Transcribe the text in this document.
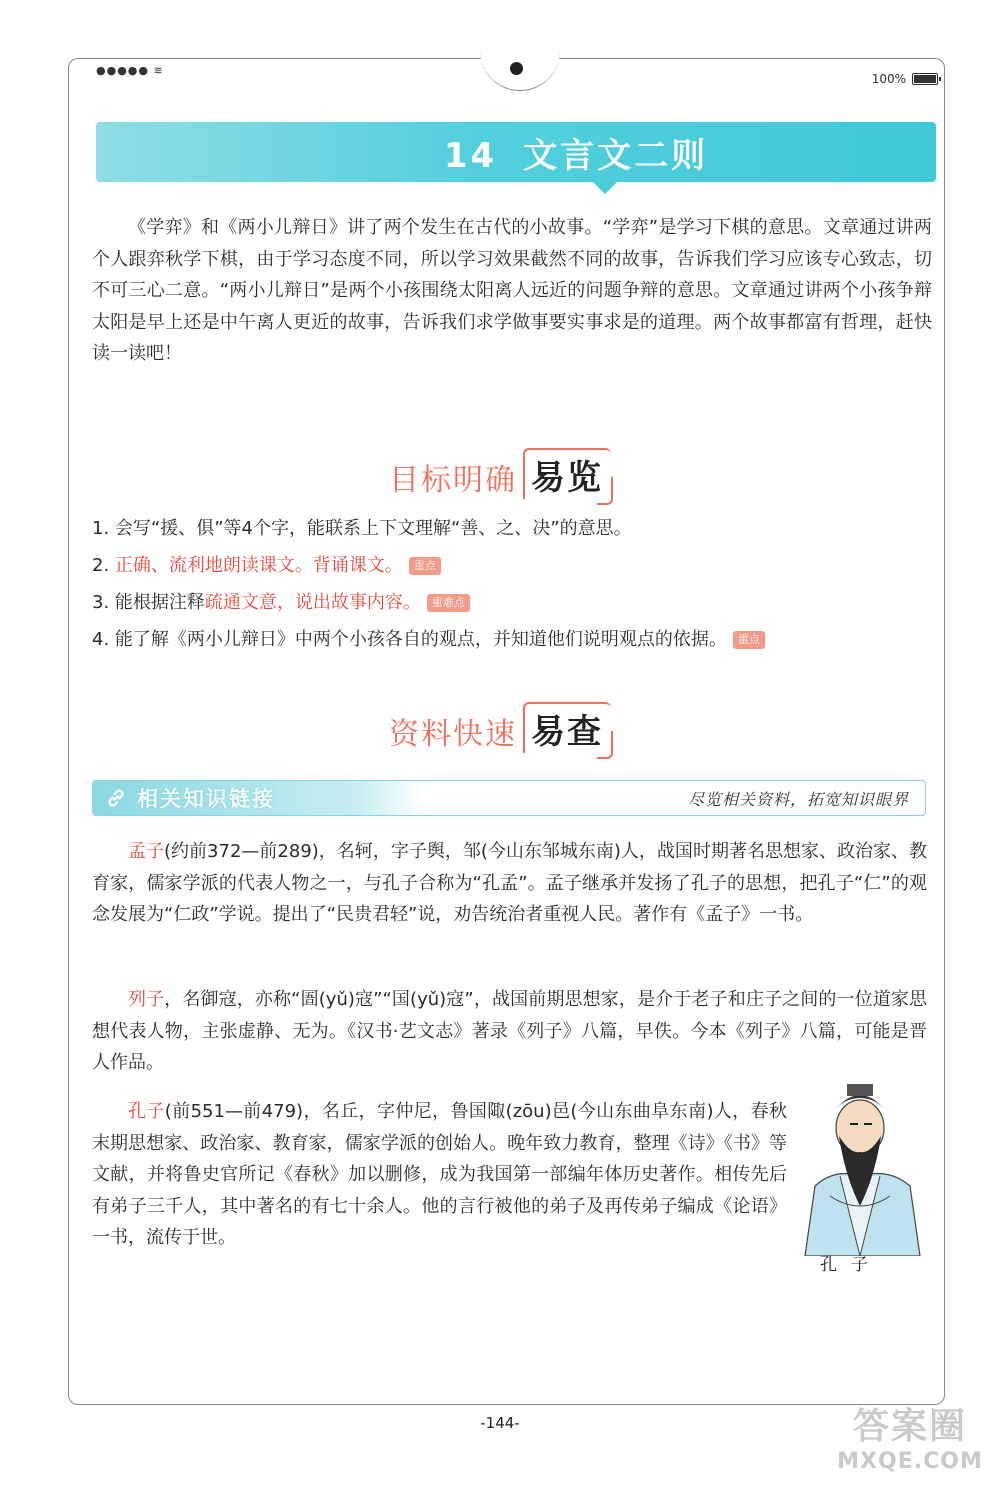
●●●●● ≋
100%
14 文言文二则

《学弈》和《两小儿辩日》讲了两个发生在古代的小故事。“学弈”是学习下棋的意思。文章通过讲两个人跟弈秋学下棋，由于学习态度不同，所以学习效果截然不同的故事，告诉我们学习应该专心致志，切不可三心二意。“两小儿辩日”是两个小孩围绕太阳离人远近的问题争辩的意思。文章通过讲两个小孩争辩太阳是早上还是中午离人更近的故事，告诉我们求学做事要实事求是的道理。两个故事都富有哲理，赶快读一读吧！

目标明确 易览
1. 会写“援、俱”等4个字，能联系上下文理解“善、之、决”的意思。
2. 正确、流利地朗读课文。背诵课文。 重点
3. 能根据注释疏通文意，说出故事内容。 重难点
4. 能了解《两小儿辩日》中两个小孩各自的观点，并知道他们说明观点的依据。 重点
资料快速 易查
相关知识链接	尽览相关资料，拓宽知识眼界

孟子(约前372—前289)，名轲，字子舆，邹(今山东邹城东南)人，战国时期著名思想家、政治家、教育家，儒家学派的代表人物之一，与孔子合称为“孔孟”。孟子继承并发扬了孔子的思想，把孔子“仁”的观念发展为“仁政”学说。提出了“民贵君轻”说，劝告统治者重视人民。著作有《孟子》一书。

列子，名御寇，亦称“圄(yǔ)寇”“国(yǔ)寇”，战国前期思想家，是介于老子和庄子之间的一位道家思想代表人物，主张虚静、无为。《汉书·艺文志》著录《列子》八篇，早佚。今本《列子》八篇，可能是晋人作品。

孔子(前551—前479)，名丘，字仲尼，鲁国陬(zōu)邑(今山东曲阜东南)人，春秋末期思想家、政治家、教育家，儒家学派的创始人。晚年致力教育，整理《诗》《书》等文献，并将鲁史官所记《春秋》加以删修，成为我国第一部编年体历史著作。相传先后有弟子三千人，其中著名的有七十余人。他的言行被他的弟子及再传弟子编成《论语》一书，流传于世。

孔子
-144-	答案圈
MXQE.COM
